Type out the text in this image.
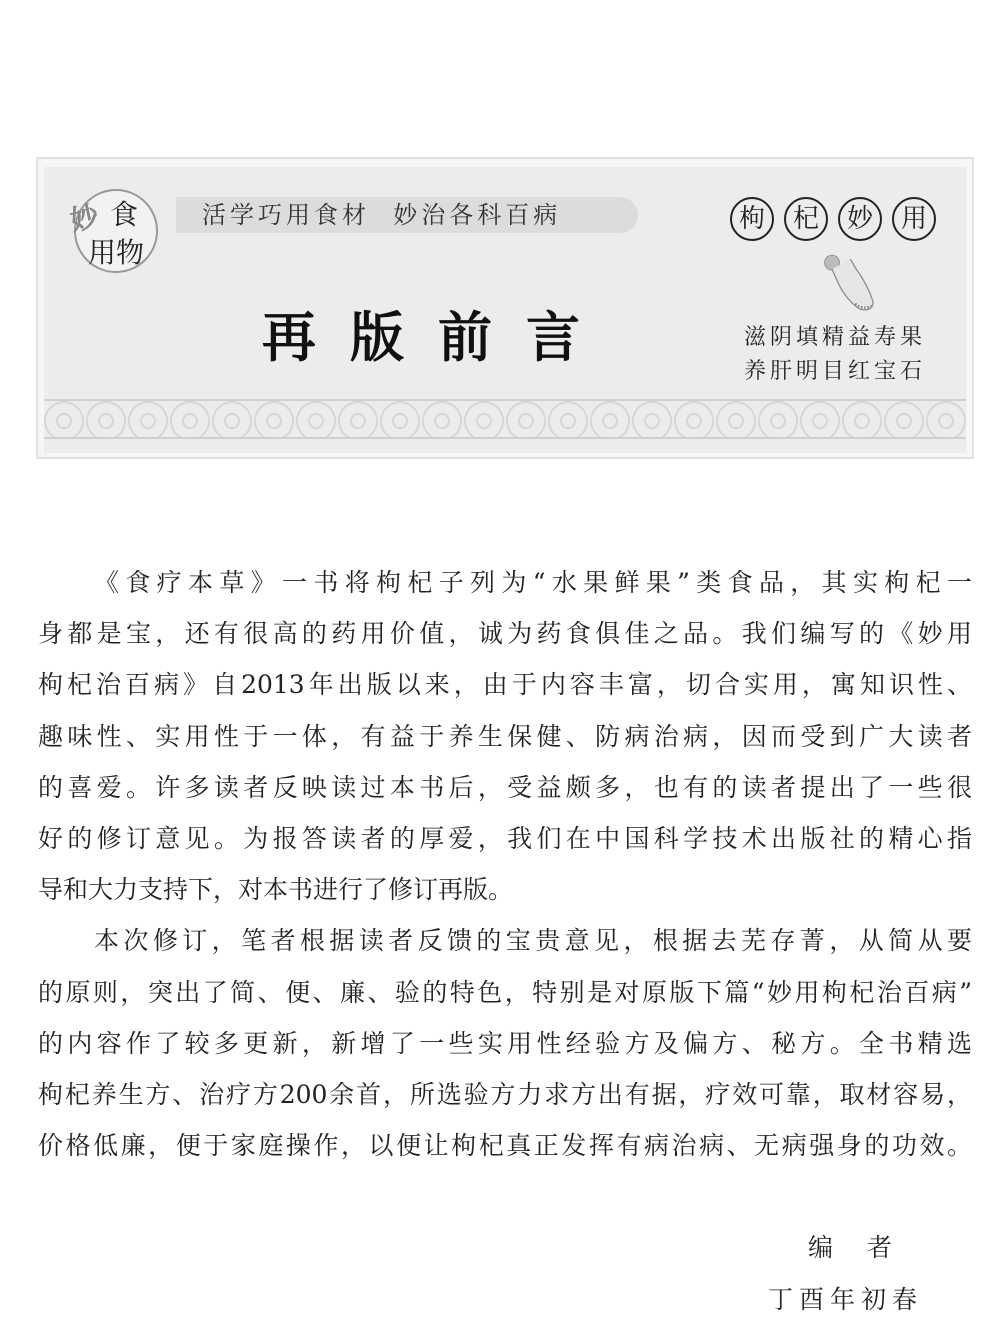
妙 食
用物
活学巧用食材  妙治各科百病	枸	杞	妙	用
再版前言	滋阴填精益寿果
养肝明目红宝石
《食疗本草》一书将枸杞子列为“水果鲜果”类食品，其实枸杞一
身都是宝，还有很高的药用价值，诚为药食俱佳之品。我们编写的《妙用
枸杞治百病》自2013年出版以来，由于内容丰富，切合实用，寓知识性、
趣味性、实用性于一体，有益于养生保健、防病治病，因而受到广大读者
的喜爱。许多读者反映读过本书后，受益颇多，也有的读者提出了一些很
好的修订意见。为报答读者的厚爱，我们在中国科学技术出版社的精心指
导和大力支持下，对本书进行了修订再版。
本次修订，笔者根据读者反馈的宝贵意见，根据去芜存菁，从简从要
的原则，突出了简、便、廉、验的特色，特别是对原版下篇“妙用枸杞治百病”
的内容作了较多更新，新增了一些实用性经验方及偏方、秘方。全书精选
枸杞养生方、治疗方200余首，所选验方力求方出有据，疗效可靠，取材容易，
价格低廉，便于家庭操作，以便让枸杞真正发挥有病治病、无病强身的功效。
编  者
丁酉年初春
